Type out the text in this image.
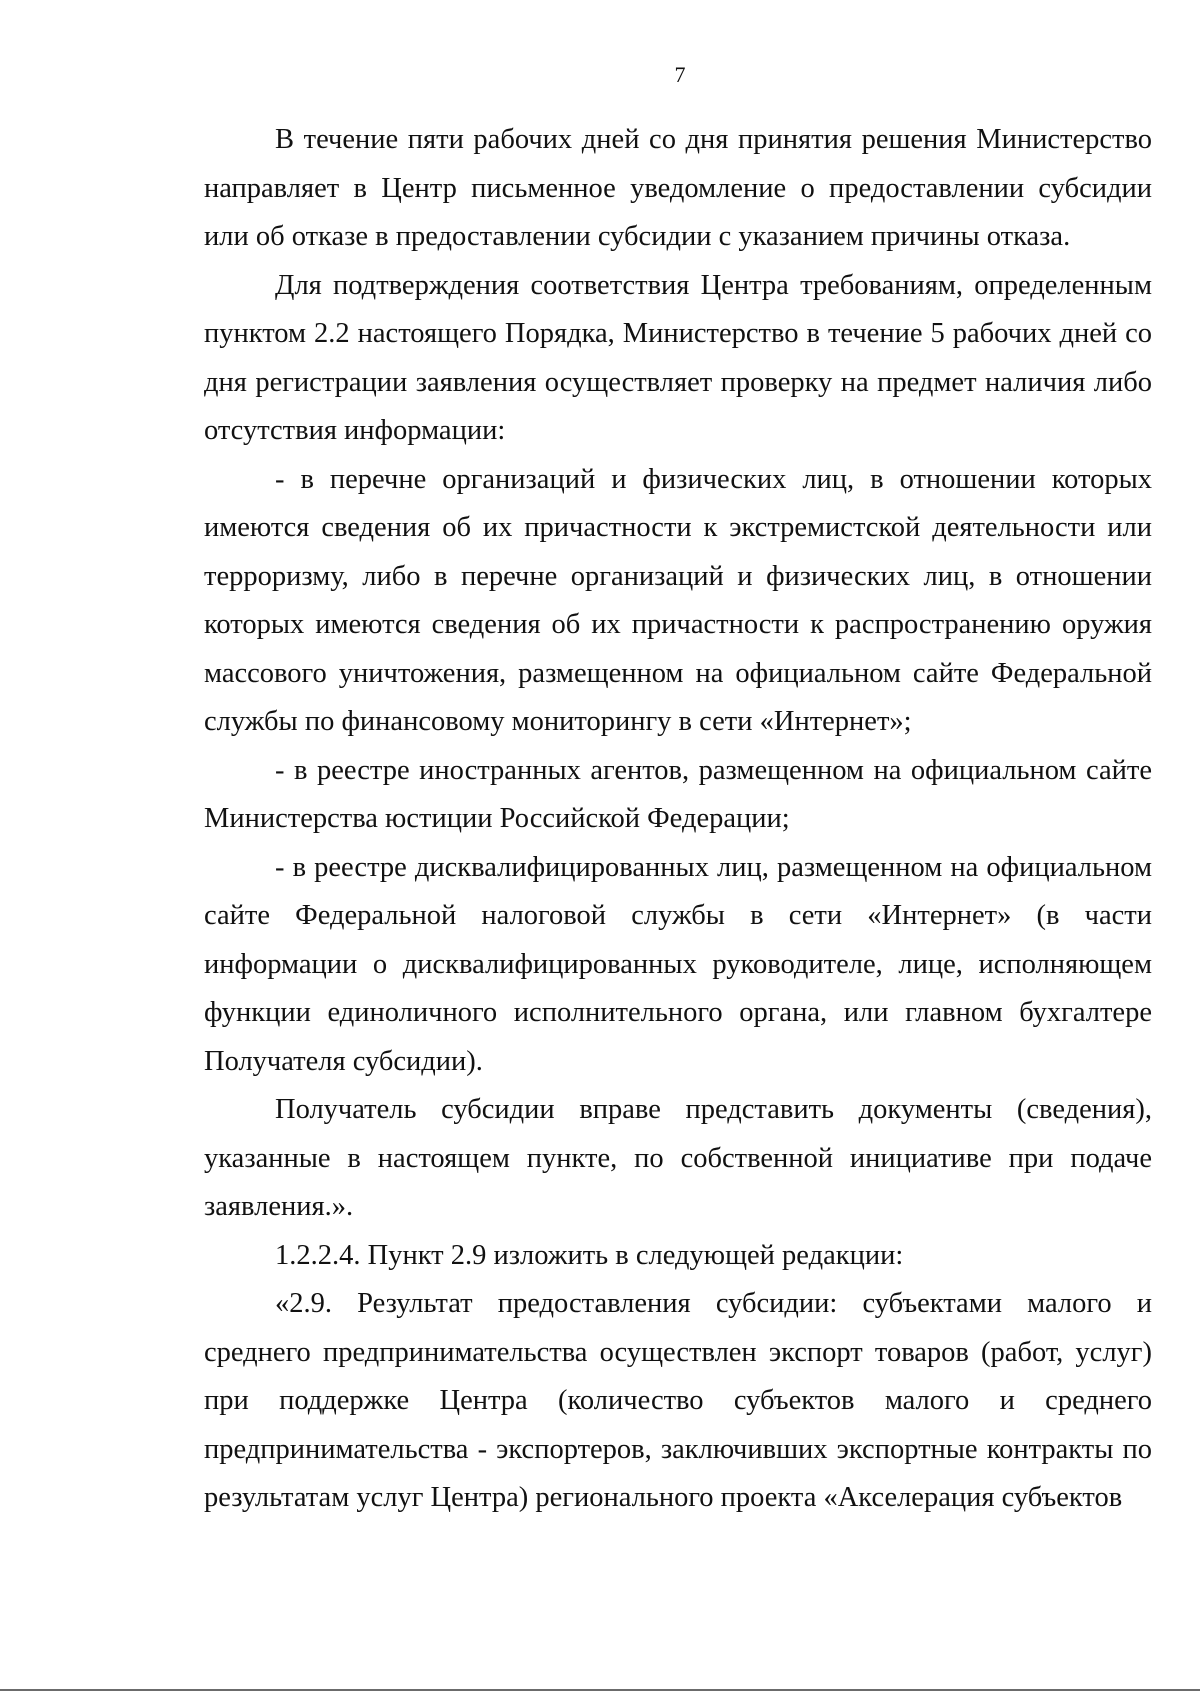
7

В течение пяти рабочих дней со дня принятия решения Министерство направляет в Центр письменное уведомление о предоставлении субсидии или об отказе в предоставлении субсидии с указанием причины отказа.

Для подтверждения соответствия Центра требованиям, определенным пунктом 2.2 настоящего Порядка, Министерство в течение 5 рабочих дней со дня регистрации заявления осуществляет проверку на предмет наличия либо отсутствия информации:

- в перечне организаций и физических лиц, в отношении которых имеются сведения об их причастности к экстремистской деятельности или терроризму, либо в перечне организаций и физических лиц, в отношении которых имеются сведения об их причастности к распространению оружия массового уничтожения, размещенном на официальном сайте Федеральной службы по финансовому мониторингу в сети «Интернет»;

- в реестре иностранных агентов, размещенном на официальном сайте Министерства юстиции Российской Федерации;

- в реестре дисквалифицированных лиц, размещенном на официальном сайте Федеральной налоговой службы в сети «Интернет» (в части информации о дисквалифицированных руководителе, лице, исполняющем функции единоличного исполнительного органа, или главном бухгалтере Получателя субсидии).

Получатель субсидии вправе представить документы (сведения), указанные в настоящем пункте, по собственной инициативе при подаче заявления.».

1.2.2.4. Пункт 2.9 изложить в следующей редакции:

«2.9. Результат предоставления субсидии: субъектами малого и среднего предпринимательства осуществлен экспорт товаров (работ, услуг) при поддержке Центра (количество субъектов малого и среднего предпринимательства - экспортеров, заключивших экспортные контракты по результатам услуг Центра) регионального проекта «Акселерация субъектов
